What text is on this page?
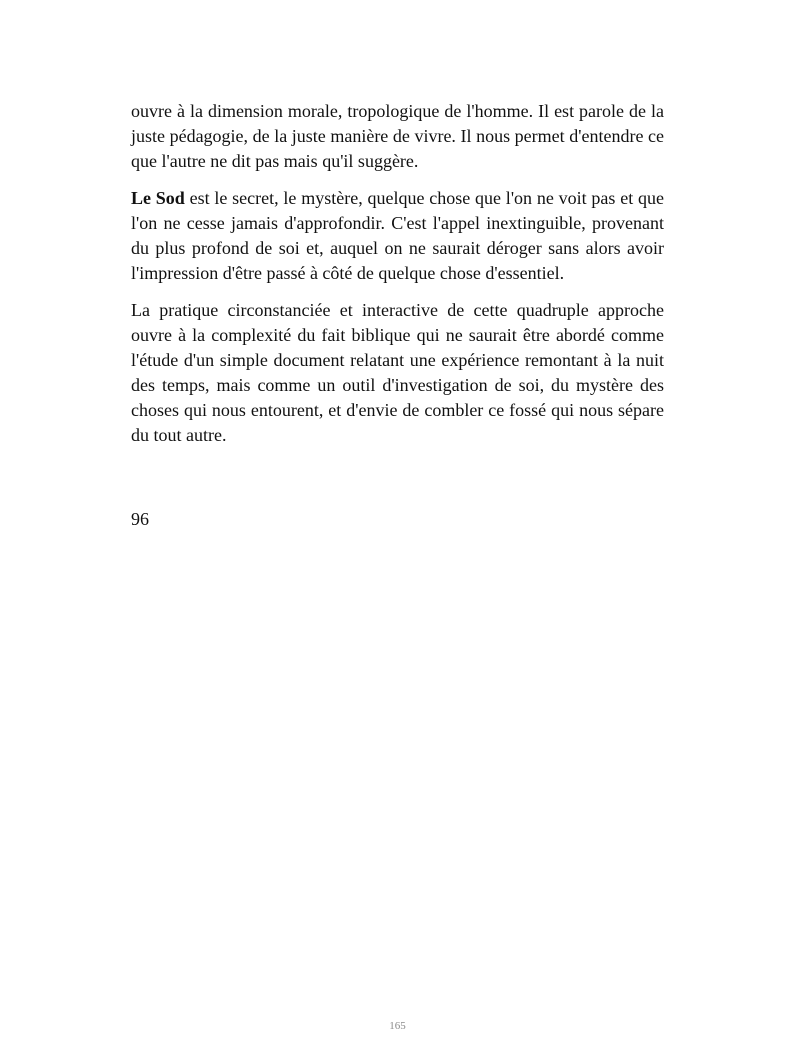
ouvre à la dimension morale, tropologique de l'homme. Il est parole de la juste pédagogie, de la juste manière de vivre. Il nous permet d'entendre ce que l'autre ne dit pas mais qu'il suggère.

Le Sod est le secret, le mystère, quelque chose que l'on ne voit pas et que l'on ne cesse jamais d'approfondir. C'est l'appel inextinguible, provenant du plus profond de soi et, auquel on ne saurait déroger sans alors avoir l'impression d'être passé à côté de quelque chose d'essentiel.

La pratique circonstanciée et interactive de cette quadruple approche ouvre à la complexité du fait biblique qui ne saurait être abordé comme l'étude d'un simple document relatant une expérience remontant à la nuit des temps, mais comme un outil d'investigation de soi, du mystère des choses qui nous entourent, et d'envie de combler ce fossé qui nous sépare du tout autre.

96
165
